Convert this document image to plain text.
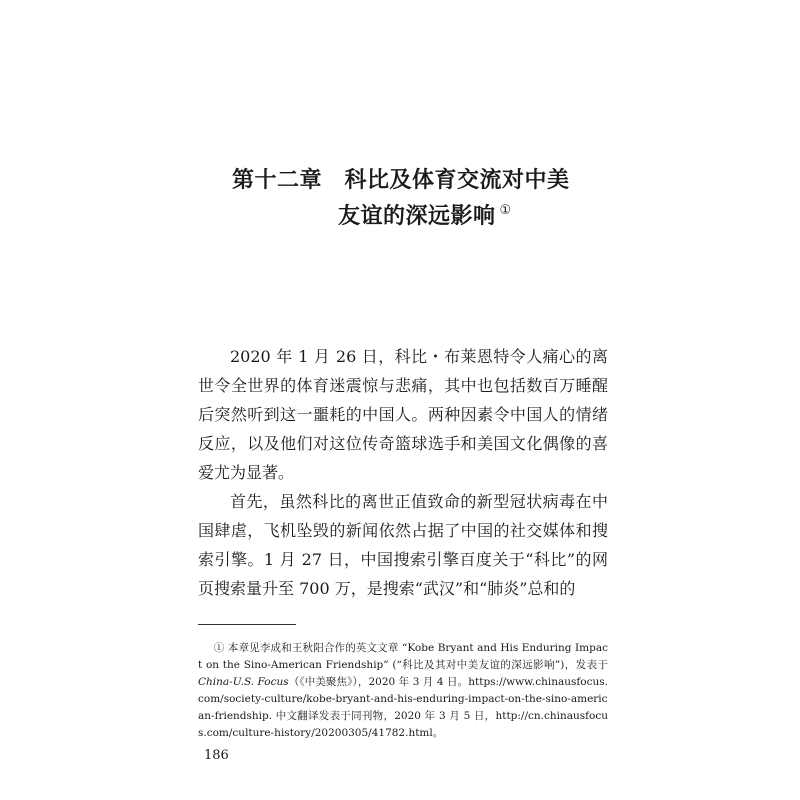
第十二章　科比及体育交流对中美
友谊的深远影响 ①

2020 年 1 月 26 日，科比・布莱恩特令人痛心的离世令全世界的体育迷震惊与悲痛，其中也包括数百万睡醒后突然听到这一噩耗的中国人。两种因素令中国人的情绪反应，以及他们对这位传奇篮球选手和美国文化偶像的喜爱尤为显著。

首先，虽然科比的离世正值致命的新型冠状病毒在中国肆虐，飞机坠毁的新闻依然占据了中国的社交媒体和搜索引擎。1 月 27 日，中国搜索引擎百度关于“科比”的网页搜索量升至 700 万，是搜索“武汉”和“肺炎”总和的

① 本章见李成和王秋阳合作的英文文章 “Kobe Bryant and His Enduring Impact on the Sino-American Friendship” (“科比及其对中美友谊的深远影响”)，发表于 China-U.S. Focus（《中美聚焦》），2020 年 3 月 4 日。https://www.chinausfocus.com/society-culture/kobe-bryant-and-his-enduring-impact-on-the-sino-american-friendship. 中文翻译发表于同刊物，2020 年 3 月 5 日，http://cn.chinausfocus.com/culture-history/20200305/41782.html。

186
